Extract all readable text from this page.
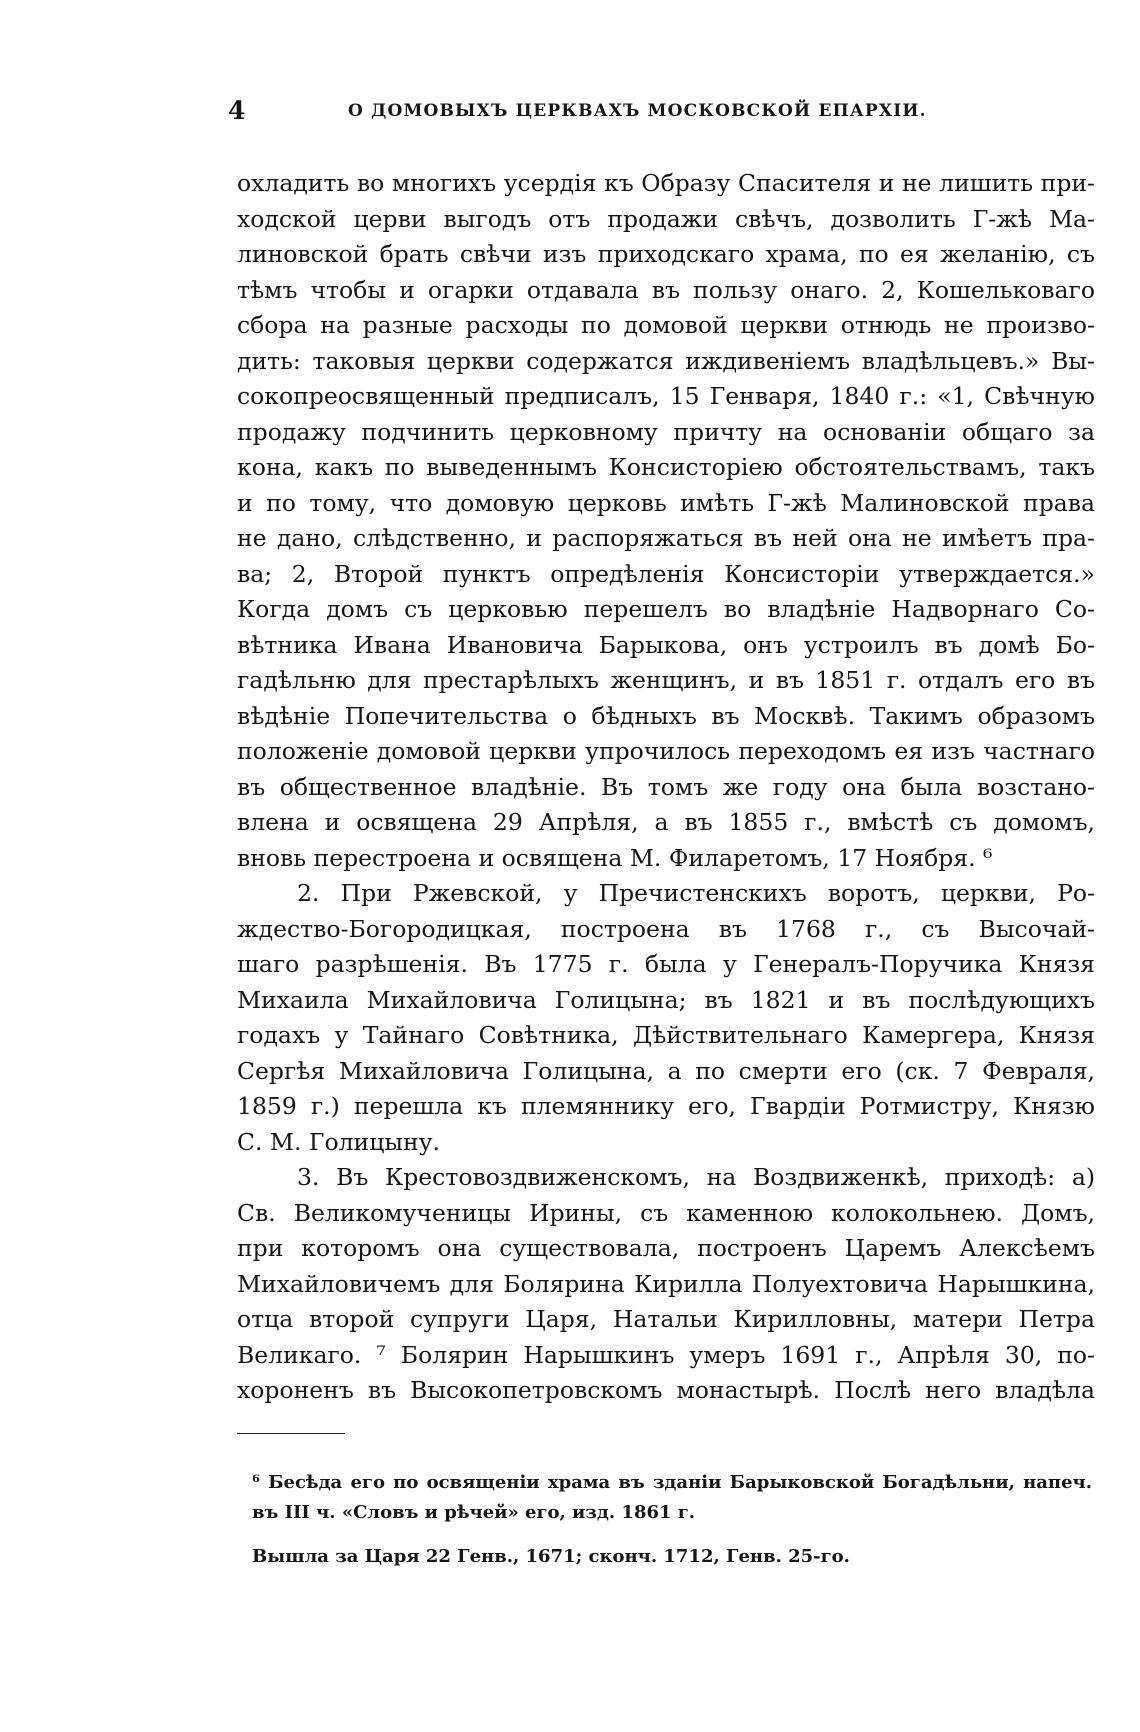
4	О ДОМОВЫХЪ ЦЕРКВАХЪ МОСКОВСКОЙ ЕПАРХІИ.
охладить во многихъ усердія къ Образу Спасителя и не лишить при-
ходской церви выгодъ отъ продажи свѣчъ, дозволить Г-жѣ Ма-
линовской брать свѣчи изъ приходскаго храма, по ея желанію, съ
тѣмъ чтобы и огарки отдавала въ пользу онаго. 2, Кошельковаго
сбора на разные расходы по домовой церкви отнюдь не произво-
дить: таковыя церкви содержатся иждивеніемъ владѣльцевъ.» Вы-
сокопреосвященный предписалъ, 15 Генваря, 1840 г.: «1, Свѣчную
продажу подчинить церковному причту на основаніи общаго за
кона, какъ по выведеннымъ Консисторіею обстоятельствамъ, такъ
и по тому, что домовую церковь имѣть Г-жѣ Малиновской права
не дано, слѣдственно, и распоряжаться въ ней она не имѣетъ пра-
ва; 2, Второй пунктъ опредѣленія Консисторіи утверждается.»
Когда домъ съ церковью перешелъ во владѣніе Надворнаго Со-
вѣтника Ивана Ивановича Барыкова, онъ устроилъ въ домѣ Бо-
гадѣльню для престарѣлыхъ женщинъ, и въ 1851 г. отдалъ его въ
вѣдѣніе Попечительства о бѣдныхъ въ Москвѣ. Такимъ образомъ
положеніе домовой церкви упрочилось переходомъ ея изъ частнаго
въ общественное владѣніе. Въ томъ же году она была возстано-
влена и освящена 29 Апрѣля, а въ 1855 г., вмѣстѣ съ домомъ,
вновь перестроена и освящена М. Филаретомъ, 17 Ноября. ⁶
2. При Ржевской, у Пречистенскихъ воротъ, церкви, Ро-
ждество-Богородицкая, построена въ 1768 г., съ Высочай-
шаго разрѣшенія. Въ 1775 г. была у Генералъ-Поручика Князя
Михаила Михайловича Голицына; въ 1821 и въ послѣдующихъ
годахъ у Тайнаго Совѣтника, Дѣйствительнаго Камергера, Князя
Сергѣя Михайловича Голицына, а по смерти его (ск. 7 Февраля,
1859 г.) перешла къ племяннику его, Гвардіи Ротмистру, Князю
С. М. Голицыну.
3. Въ Крестовоздвиженскомъ, на Воздвиженкѣ, приходѣ: а)
Св. Великомученицы Ирины, съ каменною колокольнею. Домъ,
при которомъ она существовала, построенъ Царемъ Алексѣемъ
Михайловичемъ для Болярина Кирилла Полуехтовича Нарышкина,
отца второй супруги Царя, Натальи Кирилловны, матери Петра
Великаго. ⁷ Болярин Нарышкинъ умеръ 1691 г., Апрѣля 30, по-
хороненъ въ Высокопетровскомъ монастырѣ. Послѣ него владѣла
⁶ Бесѣда его по освященіи храма въ зданіи Барыковской Богадѣльни, напеч.
въ III ч. «Словъ и рѣчей» его, изд. 1861 г.
Вышла за Царя 22 Генв., 1671; сконч. 1712, Генв. 25-го.
